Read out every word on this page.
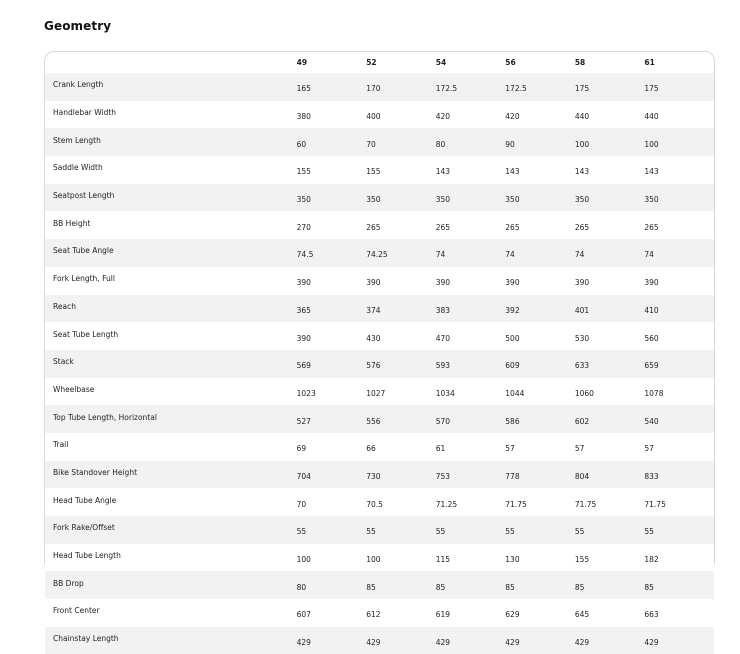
Geometry
	49	52	54	56	58	61
Crank Length	165	170	172.5	172.5	175	175
Handlebar Width	380	400	420	420	440	440
Stem Length	60	70	80	90	100	100
Saddle Width	155	155	143	143	143	143
Seatpost Length	350	350	350	350	350	350
BB Height	270	265	265	265	265	265
Seat Tube Angle	74.5	74.25	74	74	74	74
Fork Length, Full	390	390	390	390	390	390
Reach	365	374	383	392	401	410
Seat Tube Length	390	430	470	500	530	560
Stack	569	576	593	609	633	659
Wheelbase	1023	1027	1034	1044	1060	1078
Top Tube Length, Horizontal	527	556	570	586	602	540
Trail	69	66	61	57	57	57
Bike Standover Height	704	730	753	778	804	833
Head Tube Angle	70	70.5	71.25	71.75	71.75	71.75
Fork Rake/Offset	55	55	55	55	55	55
Head Tube Length	100	100	115	130	155	182
BB Drop	80	85	85	85	85	85
Front Center	607	612	619	629	645	663
Chainstay Length	429	429	429	429	429	429
